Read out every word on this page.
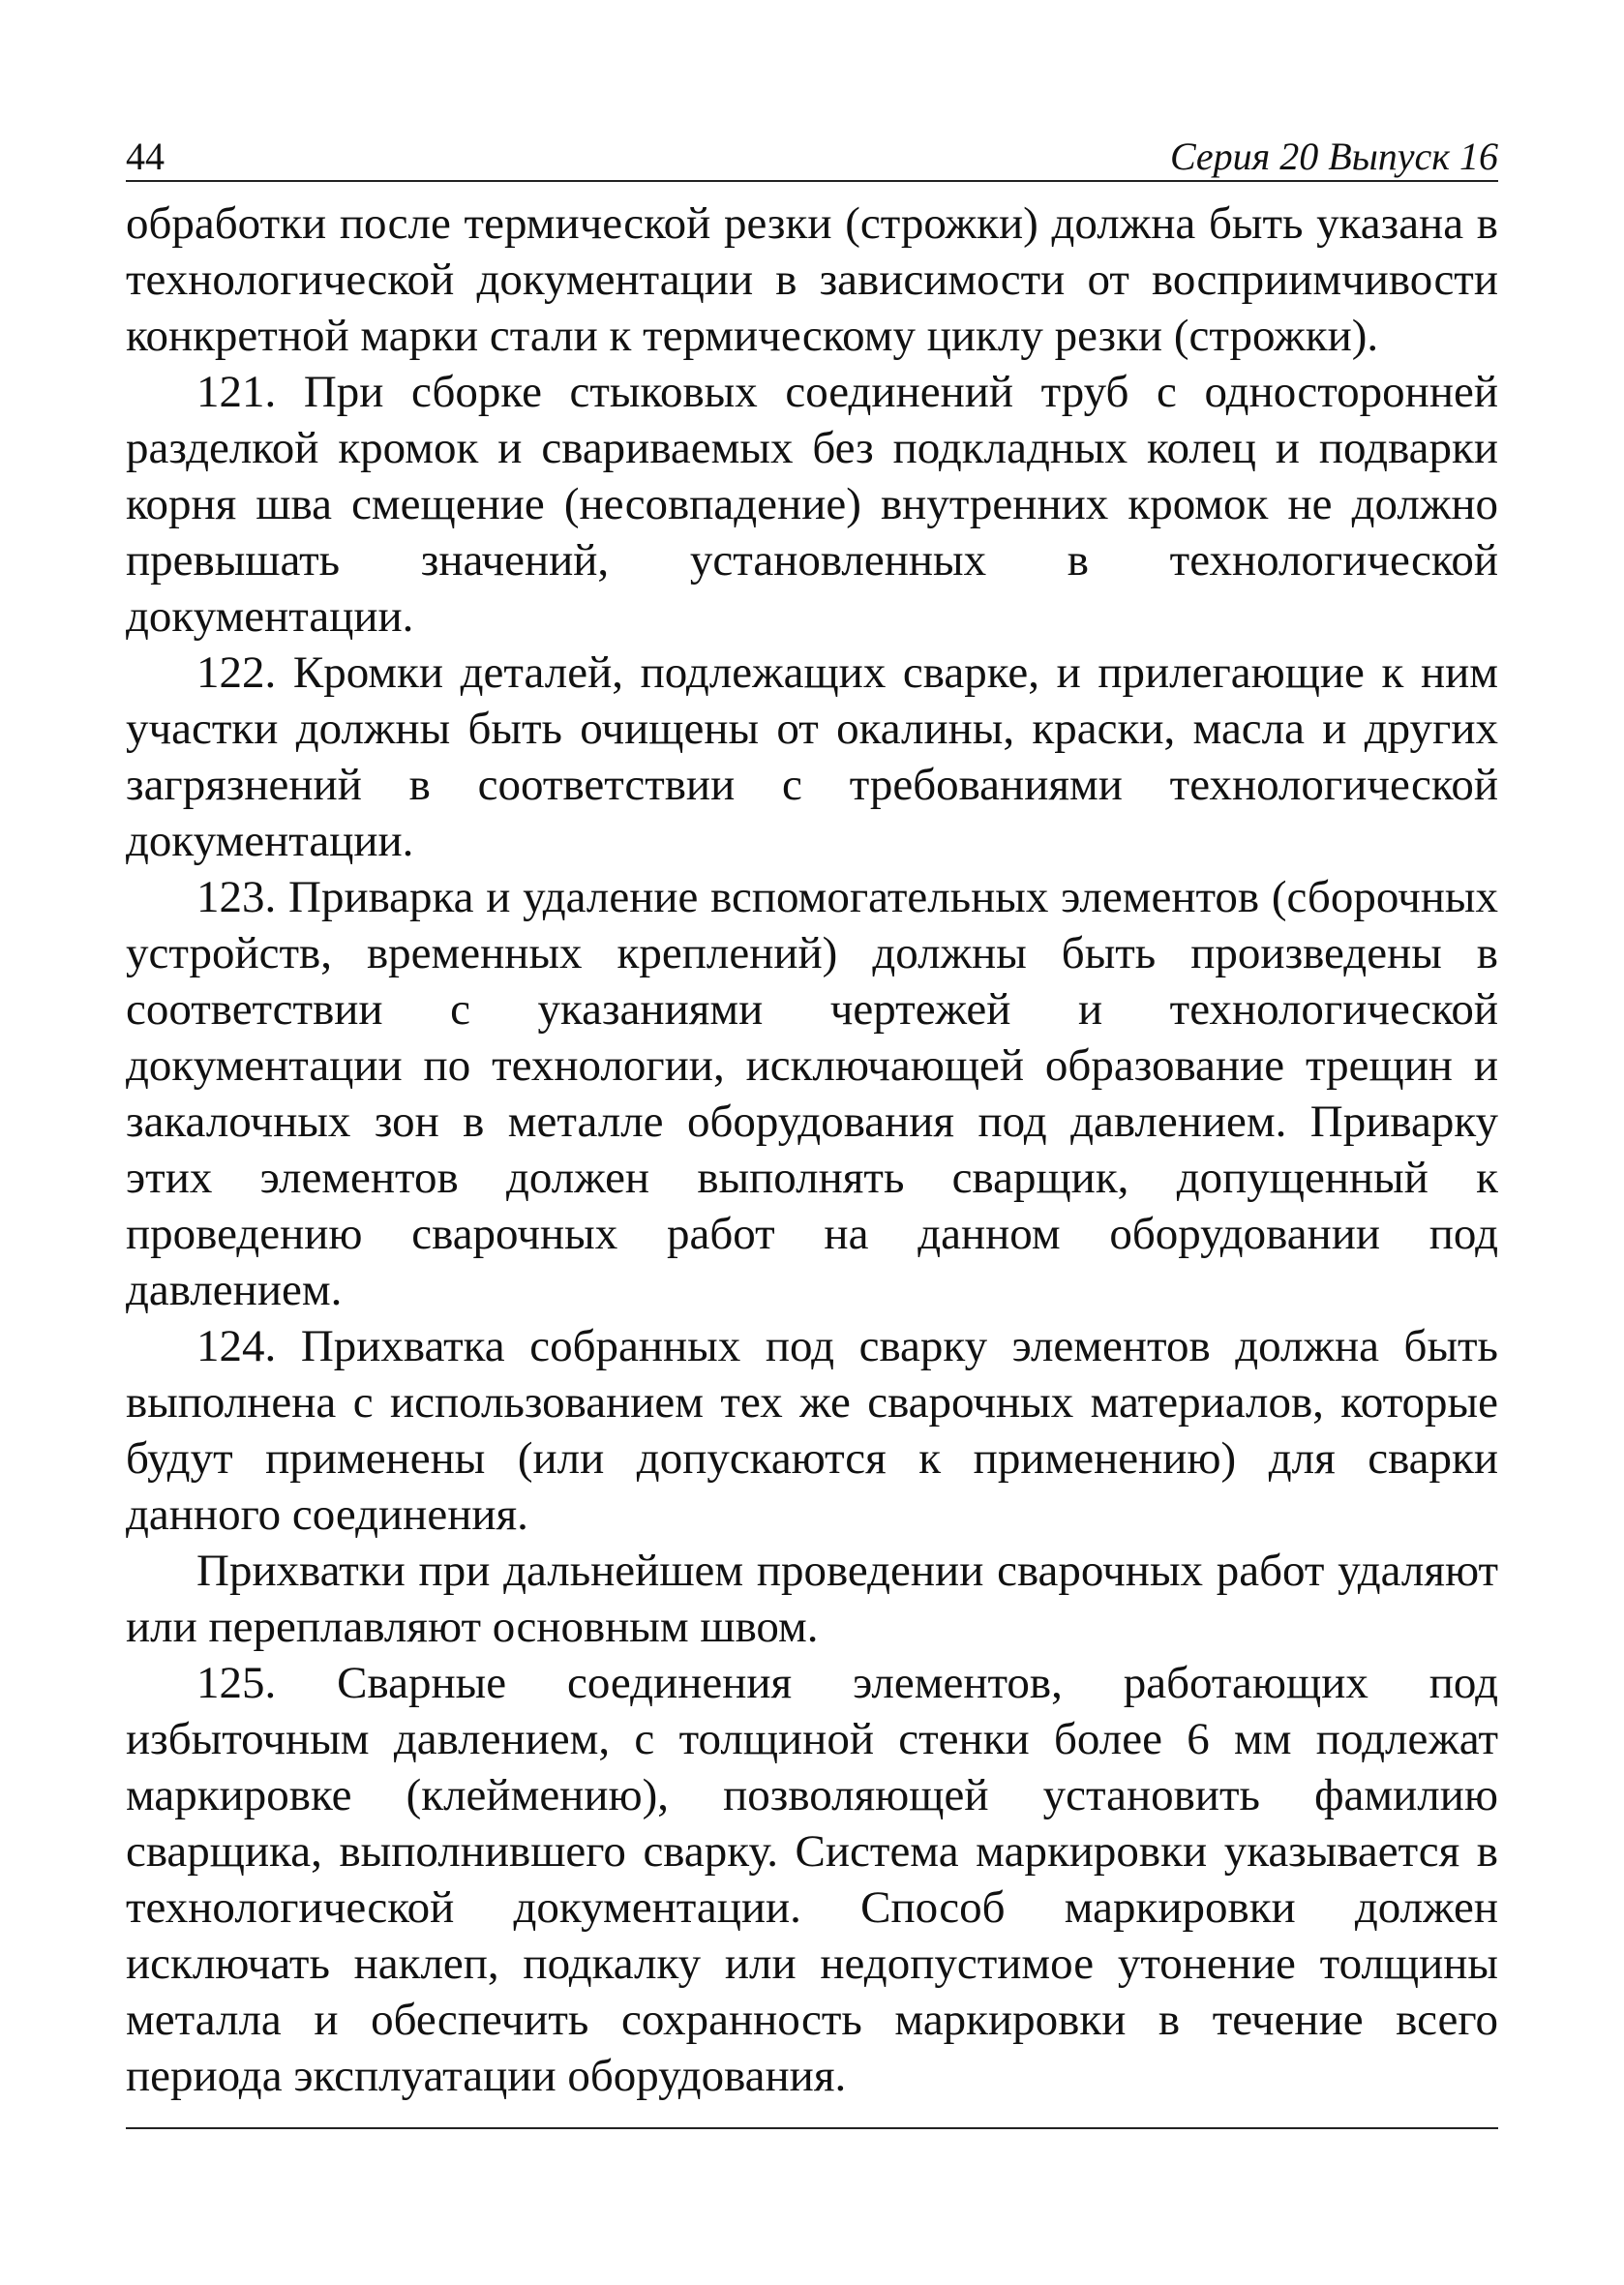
44	Серия 20 Выпуск 16

обработки после термической резки (строжки) должна быть указана в технологической документации в зависимости от восприимчивости конкретной марки стали к термическому циклу резки (строжки).

121. При сборке стыковых соединений труб с односторонней разделкой кромок и свариваемых без подкладных колец и подварки корня шва смещение (несовпадение) внутренних кромок не должно превышать значений, установленных в технологической документации.

122. Кромки деталей, подлежащих сварке, и прилегающие к ним участки должны быть очищены от окалины, краски, масла и других загрязнений в соответствии с требованиями технологической документации.

123. Приварка и удаление вспомогательных элементов (сборочных устройств, временных креплений) должны быть произведены в соответствии с указаниями чертежей и технологической документации по технологии, исключающей образование трещин и закалочных зон в металле оборудования под давлением. Приварку этих элементов должен выполнять сварщик, допущенный к проведению сварочных работ на данном оборудовании под давлением.

124. Прихватка собранных под сварку элементов должна быть выполнена с использованием тех же сварочных материалов, которые будут применены (или допускаются к применению) для сварки данного соединения.

Прихватки при дальнейшем проведении сварочных работ удаляют или переплавляют основным швом.

125. Сварные соединения элементов, работающих под избыточным давлением, с толщиной стенки более 6 мм подлежат маркировке (клеймению), позволяющей установить фамилию сварщика, выполнившего сварку. Система маркировки указывается в технологической документации. Способ маркировки должен исключать наклеп, подкалку или недопустимое утонение толщины металла и обеспечить сохранность маркировки в течение всего периода эксплуатации оборудования.
